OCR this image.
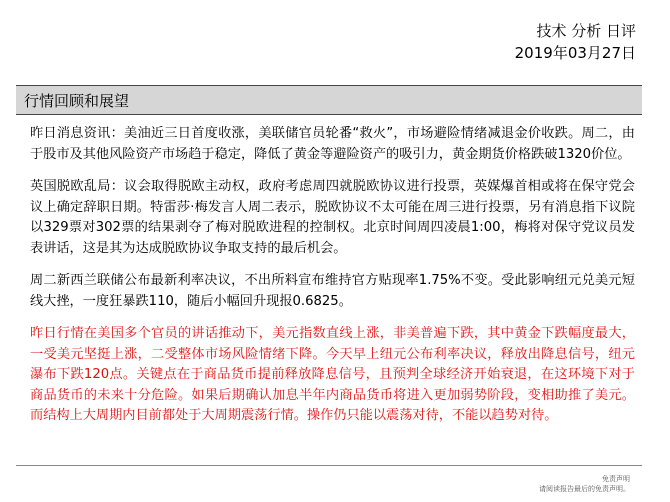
技术 分析 日评
2019年03月27日
行情回顾和展望

昨日消息资讯：美油近三日首度收涨，美联储官员轮番“救火”，市场避险情绪减退金价收跌。周二，由于股市及其他风险资产市场趋于稳定，降低了黄金等避险资产的吸引力，黄金期货价格跌破1320价位。

英国脱欧乱局：议会取得脱欧主动权，政府考虑周四就脱欧协议进行投票，英媒爆首相或将在保守党会议上确定辞职日期。特雷莎·梅发言人周二表示，脱欧协议不太可能在周三进行投票，另有消息指下议院以329票对302票的结果剥夺了梅对脱欧进程的控制权。北京时间周四凌晨1:00，梅将对保守党议员发表讲话，这是其为达成脱欧协议争取支持的最后机会。

周二新西兰联储公布最新利率决议，不出所料宣布维持官方贴现率1.75%不变。受此影响纽元兑美元短线大挫，一度狂暴跌110，随后小幅回升现报0.6825。

昨日行情在美国多个官员的讲话推动下，美元指数直线上涨，非美普遍下跌，其中黄金下跌幅度最大，一受美元坚挺上涨，二受整体市场风险情绪下降。今天早上纽元公布利率决议，释放出降息信号，纽元瀑布下跌120点。关键点在于商品货币提前释放降息信号，且预判全球经济开始衰退，在这环境下对于商品货币的未来十分危险。如果后期确认加息半年内商品货币将进入更加弱势阶段，变相助推了美元。而结构上大周期内目前都处于大周期震荡行情。操作仍只能以震荡对待，不能以趋势对待。

免责声明
请阅读报告最后的免责声明。
